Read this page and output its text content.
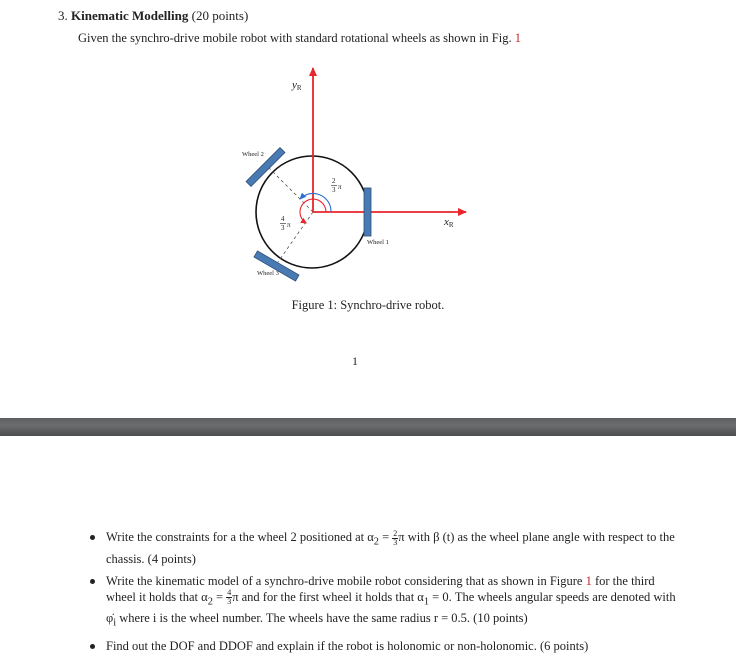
3. Kinematic Modelling (20 points)
Given the synchro-drive mobile robot with standard rotational wheels as shown in Fig. 1
yR
xR
Wheel 2
Wheel 1
Wheel 3
2
3 π
4
3 π
Figure 1: Synchro-drive robot.
1
Write the constraints for a the wheel 2 positioned at $\alpha_2 = \frac{2}{3}$ π with β (t) as the wheel plane angle with respect to the chassis. (4 points)
Write the kinematic model of a synchro-drive mobile robot considering that as shown in Figure 1 for the third wheel it holds that $\alpha_2 = \frac{4}{3}$ π and for the first wheel it holds that $\alpha_1 = 0$. The wheels angular speeds are denoted with $\varphi̇_i$ where i is the wheel number. The wheels have the same radius r = 0.5. (10 points)
Find out the DOF and DDOF and explain if the robot is holonomic or non-holonomic. (6 points)
